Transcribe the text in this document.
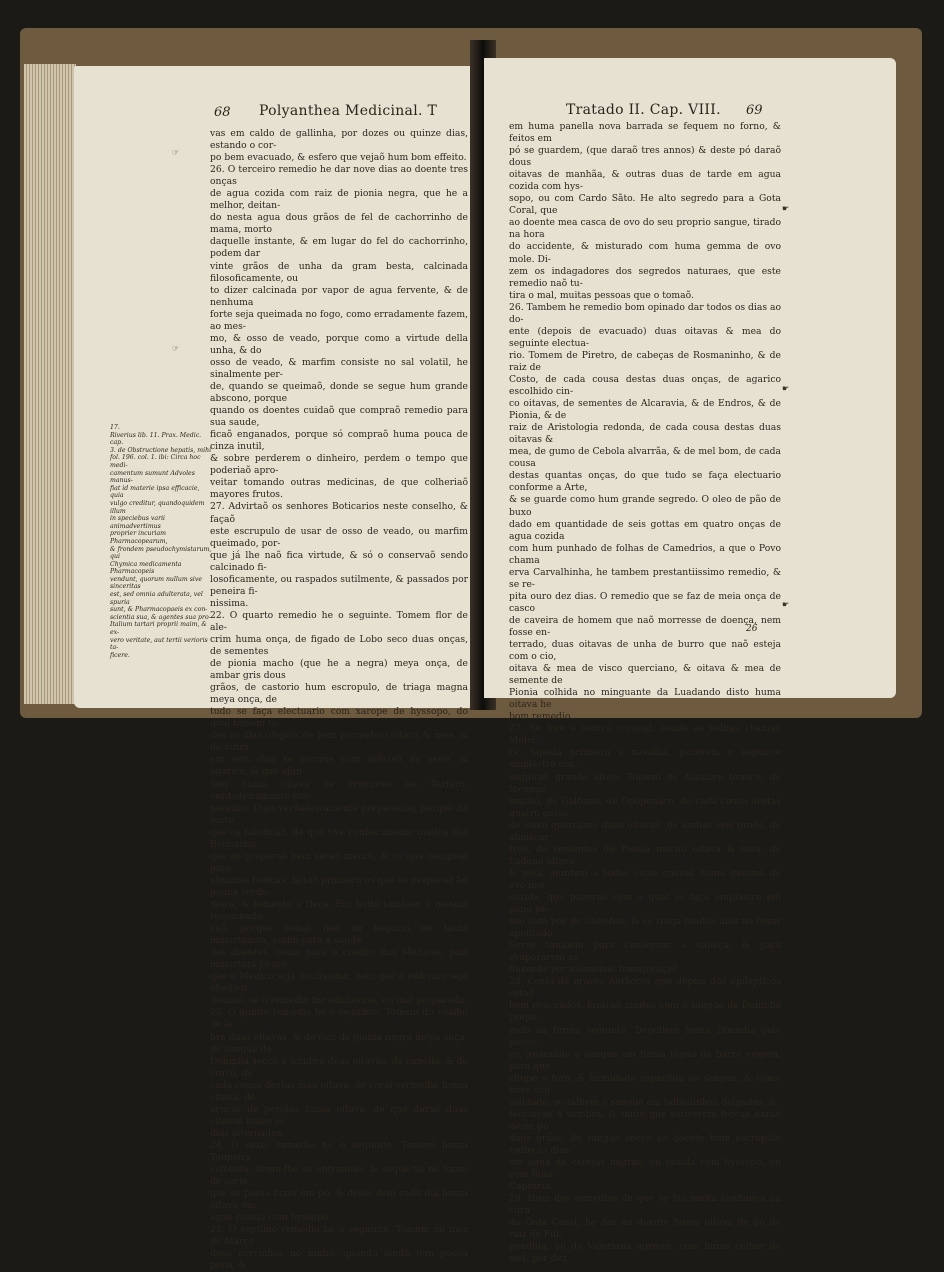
68 Polyanthea Medicinal. T
☞
☞

17.

Riverius lib. 11. Prax. Medic. cap.

3. de Obstructione hepatis, mihi

fol. 196. col. 1. ibi: Circa hoc medi-

camentum sumunt Advoles manus-

fiat id materie ipsa efficacie, quia

vulgo creditur, quandoquidem illum

in speciebus varii animadvertimus

proprier incuriam Pharmacopearum,

& frondem pseudochymistarum, qui

Chymica medicamenta Pharmacopeis

vendunt, quorum nullum sive sinceritas

est, sed omnia adulterata, vel spuria

sunt, & Pharmacopaeis ex con-

scientia sua, & agentes sua pro-

Italium tartari proprii maim, & ex-

vero veritate, aut tertii verioris ta-

ficere.

vas em caldo de gallinha, por dozes ou quinze dias, estando o cor-

po bem evacuado, & esfero que vejaõ hum bom effeito.

26. O terceiro remedio he dar nove dias ao doente tres onças

de agua cozida com raiz de pionia negra, que he a melhor, deitan-

do nesta agua dous grãos de fel de cachorrinho de mama, morto

daquelle instante, & em lugar do fel do cachorrinho, podem dar

vinte grãos de unha da gram besta, calcinada filosoficamente, ou

to dizer calcinada por vapor de agua fervente, & de nenhuma

forte seja queimada no fogo, como erradamente fazem, ao mes-

mo, & osso de veado, porque como a virtude della unha, & do

osso de veado, & marfim consiste no sal volatil, he sinalmente per-

de, quando se queimaõ, donde se segue hum grande abscono, porque

quando os doentes cuidaõ que compraõ remedio para sua saude,

ficaõ enganados, porque só compraõ huma pouca de cinza inutil,

& sobre perderem o dinheiro, perdem o tempo que poderiaõ apro-

veitar tomando outras medicinas, de que colheriaõ mayores frutos.

27. Advirtaõ os senhores Boticarios neste conselho, & façaõ

este escrupulo de usar de osso de veado, ou marfim queimado, por-

que já lhe naõ fica virtude, & só o conservaõ sendo calcinado fi-

losoficamente, ou raspados sutilmente, & passados por peneira fi-

nissima.

22. O quarto remedio he o seguinte. Tomem flor de ale-

crim huma onça, de figado de Lobo seco duas onças, de sementes

de pionia macho (que he a negra) meya onça, de ambar gris dous

grãos, de castorio hum escropulo, de triaga magna meya onça, de

tudo se faça electuario com xarope de hyssopo, do qual tomem to-

dos os dias (depois de bem purgados) oitava & mea, & de outra

em oito dias se purgue com infusaõ de sene, & agarico, & que ajun-

tem huma oitava de cremores de Tartaro, verdadeiramente pre-

parados. Digo verdadeiramente preparados, porque da sorte

que os falsificaõ, de que tive conhecimento muitos dos Boticarios

que os preparaõ bem seraõ menos, & os que compraõ para

algumas boticas, faltaõ primeiro os que os preparaõ he pouca verda-

deira, & temente a Deos. Em feitio tambem a mesma recomenda-

çaõ, porque senaõ fiaõ de negocio de tanta importancia, assim para a saude

dos doentes, como para o credito dos Medicos, pois importará pouco

que o Medico seja doutissimo, hem que o enfermo seja obedien-

tissimo, se o remedio for adulterino, ou mal preparado.

23. O quinto remedio he o seguinte. Tomem do coalho de le-

bre duas oitavas, & de raiz de pionia negra meya onça, de sangue de

Doninha secco á sombra duas oitavas, de canella, & de cravo, de

cada cousa destas mea oitava, de coral vermelho huma oitava, de

açucar de perolas huma oitava, de que daraõ duas oitavas todos os

dias alternados.

24. O sexto remedio he o seguinte. Tomem huma Toupeira

esfolada, tirem-lhe as entranhas, & seque-na no forno de sorte,

que se possa fazer em pó, & deste dem cada dia huma oitava em

agua cozida com hyssopo.

25. O septimo remedio he o seguinte. Tomem no mez de Março

dous corvinhos no ninho, quando ainda tem pouca pena, &

Tratado II. Cap. VIII. 69

em huma panella nova barrada se fequem no forno, & feitos em

pó se guardem, (que daraõ tres annos) & deste pó daraõ dous

oitavas de manhãa, & outras duas de tarde em agua cozida com hys-

sopo, ou com Cardo Sãto. He alto segredo para a Gota Coral, que

ao doente mea casca de ovo do seu proprio sangue, tirado na hora

do accidente, & misturado com huma gemma de ovo mole. Di-

zem os indagadores dos segredos naturaes, que este remedio naõ tu-

tira o mal, muitas pessoas que o tomaõ.

26. Tambem he remedio bom opinado dar todos os dias ao do-

ente (depois de evacuado) duas oitavas & mea do seguinte electua-

rio. Tomem de Piretro, de cabeças de Rosmaninho, & de raiz de

Costo, de cada cousa destas duas onças, de agarico escolhido cin-

co oitavas, de sementes de Alcaravia, & de Endros, & de Pionia, & de

raiz de Aristologia redonda, de cada cousa destas duas oitavas &

mea, de gumo de Cebola alvarrãa, & de mel bom, de cada cousa

destas quantas onças, do que tudo se faça electuario conforme a Arte,

& se guarde como hum grande segredo. O oleo de pão de buxo

dado em quantidade de seis gottas em quatro onças de agua cozida

com hum punhado de folhas de Camedrios, a que o Povo chama

erva Carvalhinha, he tambem prestantiissimo remedio, & se re-

pita ouro dez dias. O remedio que se faz de meia onça de casco

de caveira de homem que naõ morresse de doença, nem fosse en-

terrado, duas oitavas de unha de burro que naõ esteja com o cio,

oitava & mea de visco querciano, & oitava & mea de semente de

Pionia colhida no minguante da Luadando disto huma oitava he

bom remedio.

27. Se fore a sotura coronal, aonde as velhas chamaõ Molei-

ra, tapada primeiro a navalha, puzerem o seguinte emplastro con-

seguiraõ grande alivio. Tomem de Alambre branco, de Incenso

macho, de Galbano, de Opoponaco, de cada cousa destas quatro gotas,

de visco querciano duas oitavas, de ambar seis graõs, de almiscar

tres, de sementes de Pionia macho oitava & mea, de Ladano oitava

& mea, ajuntem a todas estas cousas huma gemma de ovo nos

cozida, que puzerao com a qual se faça emplastro em pano pe-

seo com pós de Cubebas, & se traga muitos dias no lugar apontado.

Serve tambem para conservar a cabeça, & para evaporarem as

fluxoens por insensivel transpiraçaõ.

28. Costa de graves Authores que depois dos epilepticos estaõ

bem evacuados, fararaõ muitos com o sangue de Doninha prepa-

rado na forma seguinte. Degollem huma Doninha pelo pesco-

ço, aparando o sangue em huma tigela de barro virgem, para que

chupe o foro, & humidade superflua do sangue, & como tiver con-

solidado, se talhem o sangue em talhadinhas delgadas, &

feccon-se á sombra, & tanto que estiverem feccas daraõ deste pó

dous grãos, de sangue secco ao doente hum escropulo todos os dias

em agua de cerejas negras, ou cozida com hyssopo, ou com Ruta

Capraria.

29. Hum dos remedios de que se faz muita confiança na cura

da Gota Coral, he dar ao doente huma oitava de pó de raiz de Fili-

pendula, ou de Valeriana agreste, com huma colher de mel, por dez

☛
☛
☛
26
